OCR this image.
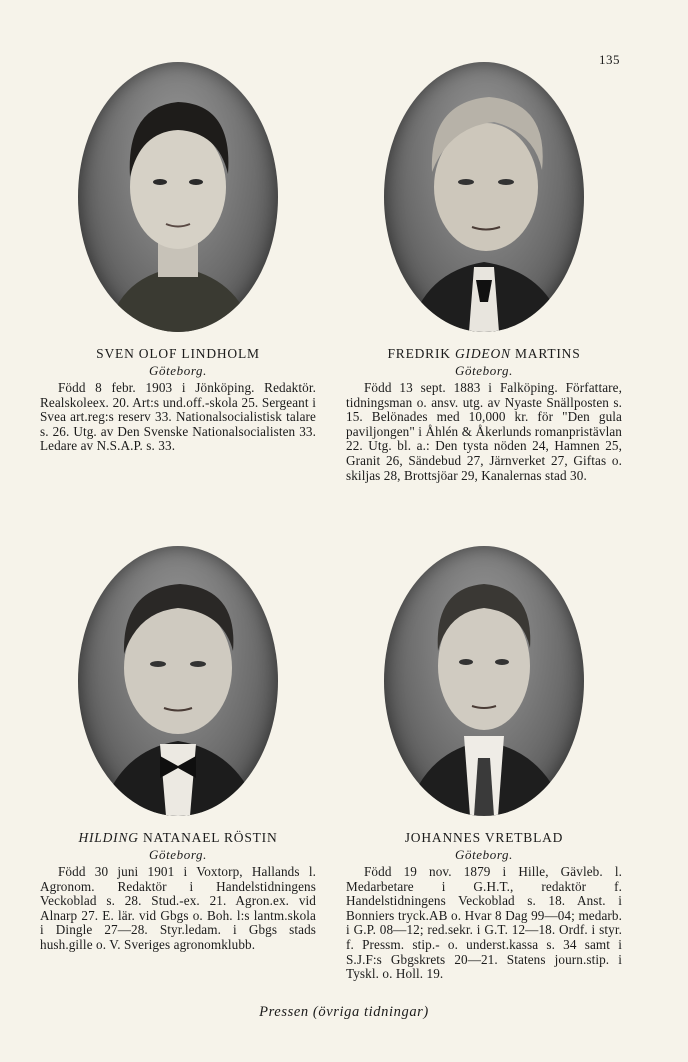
135
SVEN OLOF LINDHOLM
Göteborg.
Född 8 febr. 1903 i Jönköping. Redaktör. Realskoleex. 20. Art:s und.off.-skola 25. Sergeant i Svea art.reg:s reserv 33. Nationalsocialistisk talare s. 26. Utg. av Den Svenske Nationalsocialisten 33. Ledare av N.S.A.P. s. 33.
FREDRIK GIDEON MARTINS
Göteborg.
Född 13 sept. 1883 i Falköping. Författare, tidningsman o. ansv. utg. av Nyaste Snällposten s. 15. Belönades med 10,000 kr. för "Den gula paviljongen" i Åhlén & Åkerlunds romanpristävlan 22. Utg. bl. a.: Den tysta nöden 24, Hamnen 25, Granit 26, Sändebud 27, Järnverket 27, Giftas o. skiljas 28, Brottsjöar 29, Kanalernas stad 30.
HILDING NATANAEL RÖSTIN
Göteborg.
Född 30 juni 1901 i Voxtorp, Hallands l. Agronom. Redaktör i Handelstidningens Veckoblad s. 28. Stud.-ex. 21. Agron.ex. vid Alnarp 27. E. lär. vid Gbgs o. Boh. l:s lantm.skola i Dingle 27—28. Styr.ledam. i Gbgs stads hush.gille o. V. Sveriges agronomklubb.
JOHANNES VRETBLAD
Göteborg.
Född 19 nov. 1879 i Hille, Gävleb. l. Medarbetare i G.H.T., redaktör f. Handelstidningens Veckoblad s. 18. Anst. i Bonniers tryck.AB o. Hvar 8 Dag 99—04; medarb. i G.P. 08—12; red.sekr. i G.T. 12—18. Ordf. i styr. f. Pressm. stip.- o. underst.kassa s. 34 samt i S.J.F:s Gbgskrets 20—21. Statens journ.stip. i Tyskl. o. Holl. 19.
Pressen (övriga tidningar)
